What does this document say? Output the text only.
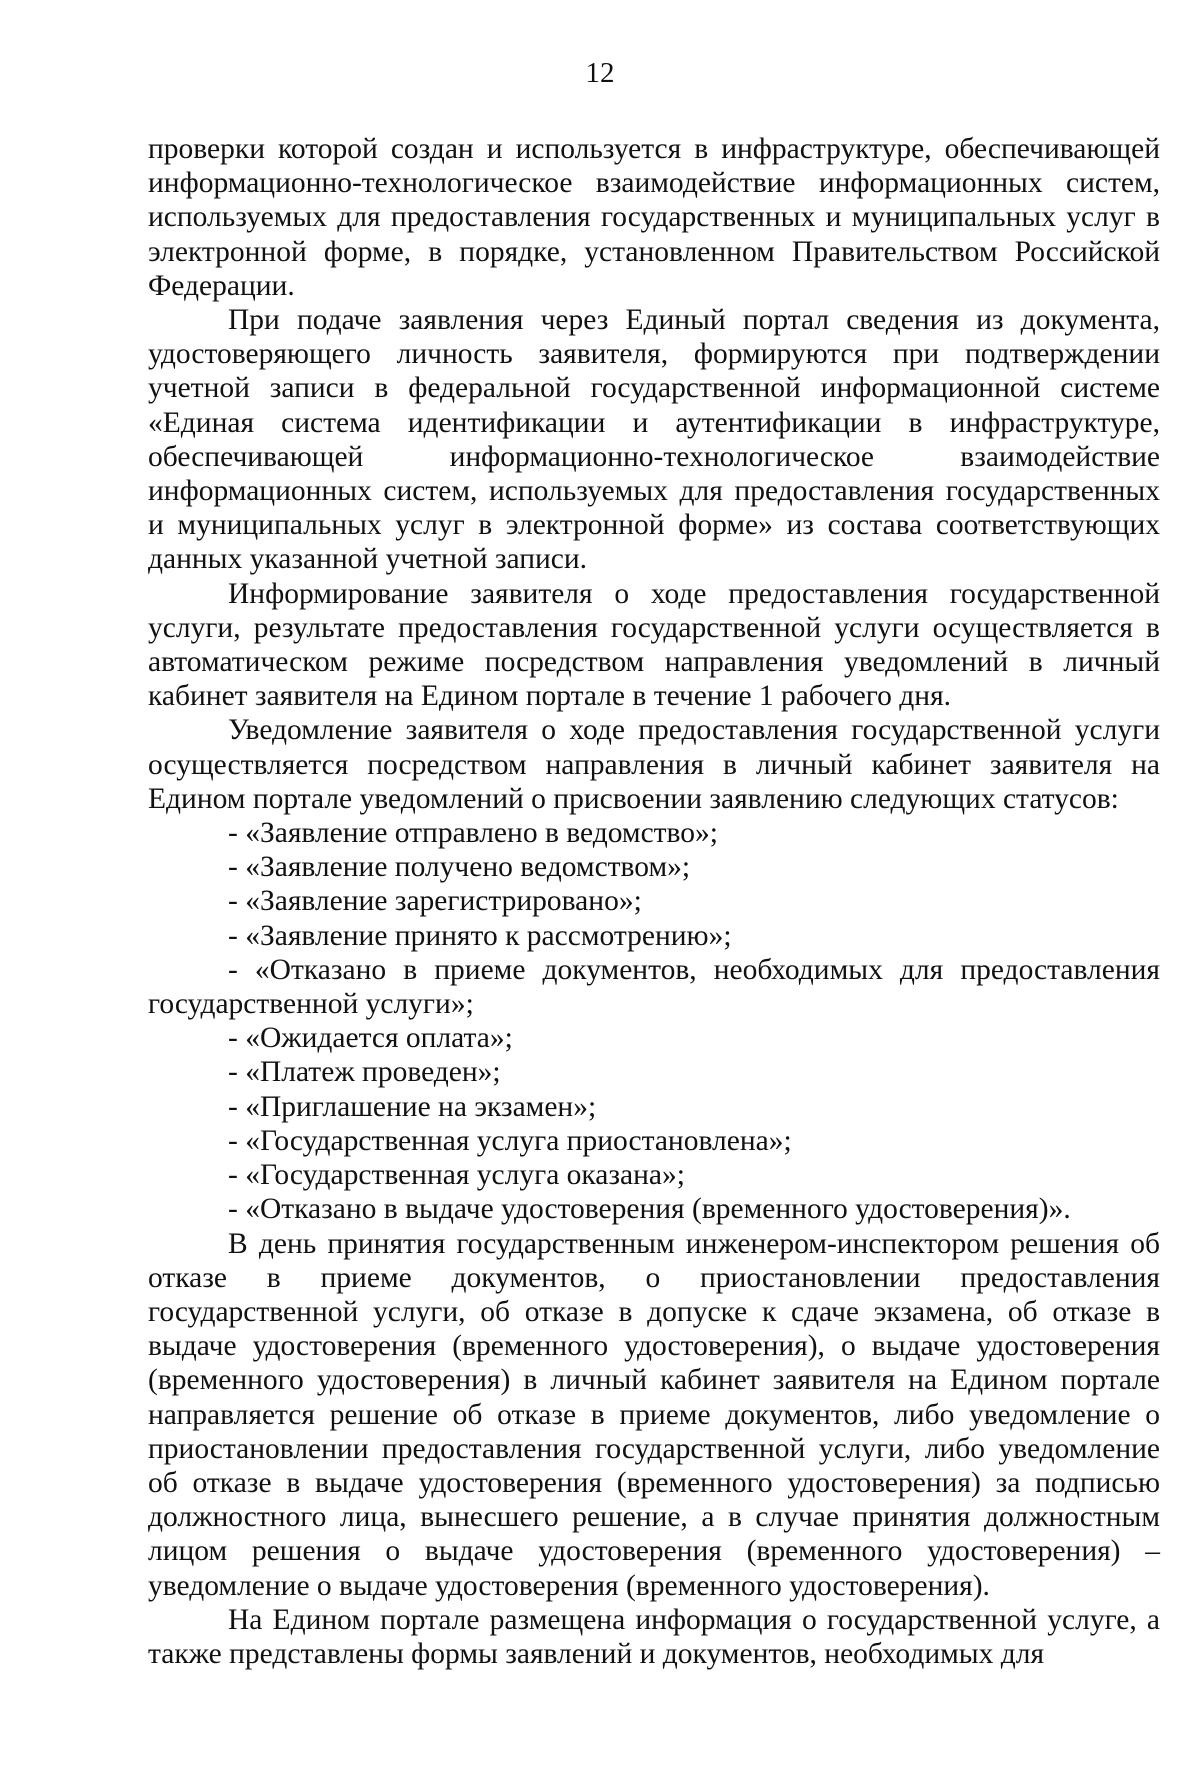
12

проверки которой создан и используется в инфраструктуре, обеспечивающей информационно-технологическое взаимодействие информационных систем, используемых для предоставления государственных и муниципальных услуг в электронной форме, в порядке, установленном Правительством Российской Федерации.

При подаче заявления через Единый портал сведения из документа, удостоверяющего личность заявителя, формируются при подтверждении учетной записи в федеральной государственной информационной системе «Единая система идентификации и аутентификации в инфраструктуре, обеспечивающей информационно-технологическое взаимодействие информационных систем, используемых для предоставления государственных и муниципальных услуг в электронной форме» из состава соответствующих данных указанной учетной записи.

Информирование заявителя о ходе предоставления государственной услуги, результате предоставления государственной услуги осуществляется в автоматическом режиме посредством направления уведомлений в личный кабинет заявителя на Едином портале в течение 1 рабочего дня.

Уведомление заявителя о ходе предоставления государственной услуги осуществляется посредством направления в личный кабинет заявителя на Едином портале уведомлений о присвоении заявлению следующих статусов:

- «Заявление отправлено в ведомство»;

- «Заявление получено ведомством»;

- «Заявление зарегистрировано»;

- «Заявление принято к рассмотрению»;

- «Отказано в приеме документов, необходимых для предоставления государственной услуги»;

- «Ожидается оплата»;

- «Платеж проведен»;

- «Приглашение на экзамен»;

- «Государственная услуга приостановлена»;

- «Государственная услуга оказана»;

- «Отказано в выдаче удостоверения (временного удостоверения)».

В день принятия государственным инженером-инспектором решения об отказе в приеме документов, о приостановлении предоставления государственной услуги, об отказе в допуске к сдаче экзамена, об отказе в выдаче удостоверения (временного удостоверения), о выдаче удостоверения (временного удостоверения) в личный кабинет заявителя на Едином портале направляется решение об отказе в приеме документов, либо уведомление о приостановлении предоставления государственной услуги, либо уведомление об отказе в выдаче удостоверения (временного удостоверения) за подписью должностного лица, вынесшего решение, а в случае принятия должностным лицом решения о выдаче удостоверения (временного удостоверения) – уведомление о выдаче удостоверения (временного удостоверения).

На Едином портале размещена информация о государственной услуге, а также представлены формы заявлений и документов, необходимых для
